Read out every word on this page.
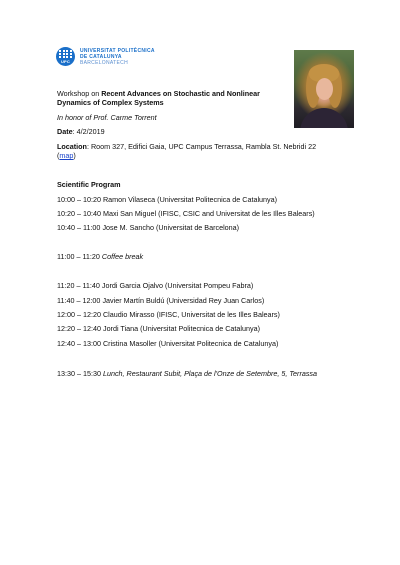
UPC
UNIVERSITAT POLITÈCNICA
DE CATALUNYA
BARCELONATECH
Workshop on Recent Advances on Stochastic and Nonlinear
Dynamics of Complex Systems
In honor of Prof. Carme Torrent
Date: 4/2/2019
Location: Room 327, Edifici Gaia, UPC Campus Terrassa, Rambla St. Nebridi 22
(map)
Scientific Program
10:00 – 10:20 Ramon Vilaseca (Universitat Politecnica de Catalunya)
10:20 – 10:40 Maxi San Miguel (IFISC, CSIC and Universitat de les Illes Balears)
10:40 – 11:00 Jose M. Sancho (Universitat de Barcelona)
11:00 – 11:20 Coffee break
11:20 – 11:40 Jordi Garcia Ojalvo (Universitat Pompeu Fabra)
11:40 – 12:00 Javier Martín Buldú (Universidad Rey Juan Carlos)
12:00 – 12:20 Claudio Mirasso (IFISC, Universitat de les Illes Balears)
12:20 – 12:40 Jordi Tiana (Universitat Politecnica de Catalunya)
12:40 – 13:00 Cristina Masoller (Universitat Politecnica de Catalunya)
13:30 – 15:30 Lunch, Restaurant Subit, Plaça de l'Onze de Setembre, 5, Terrassa
